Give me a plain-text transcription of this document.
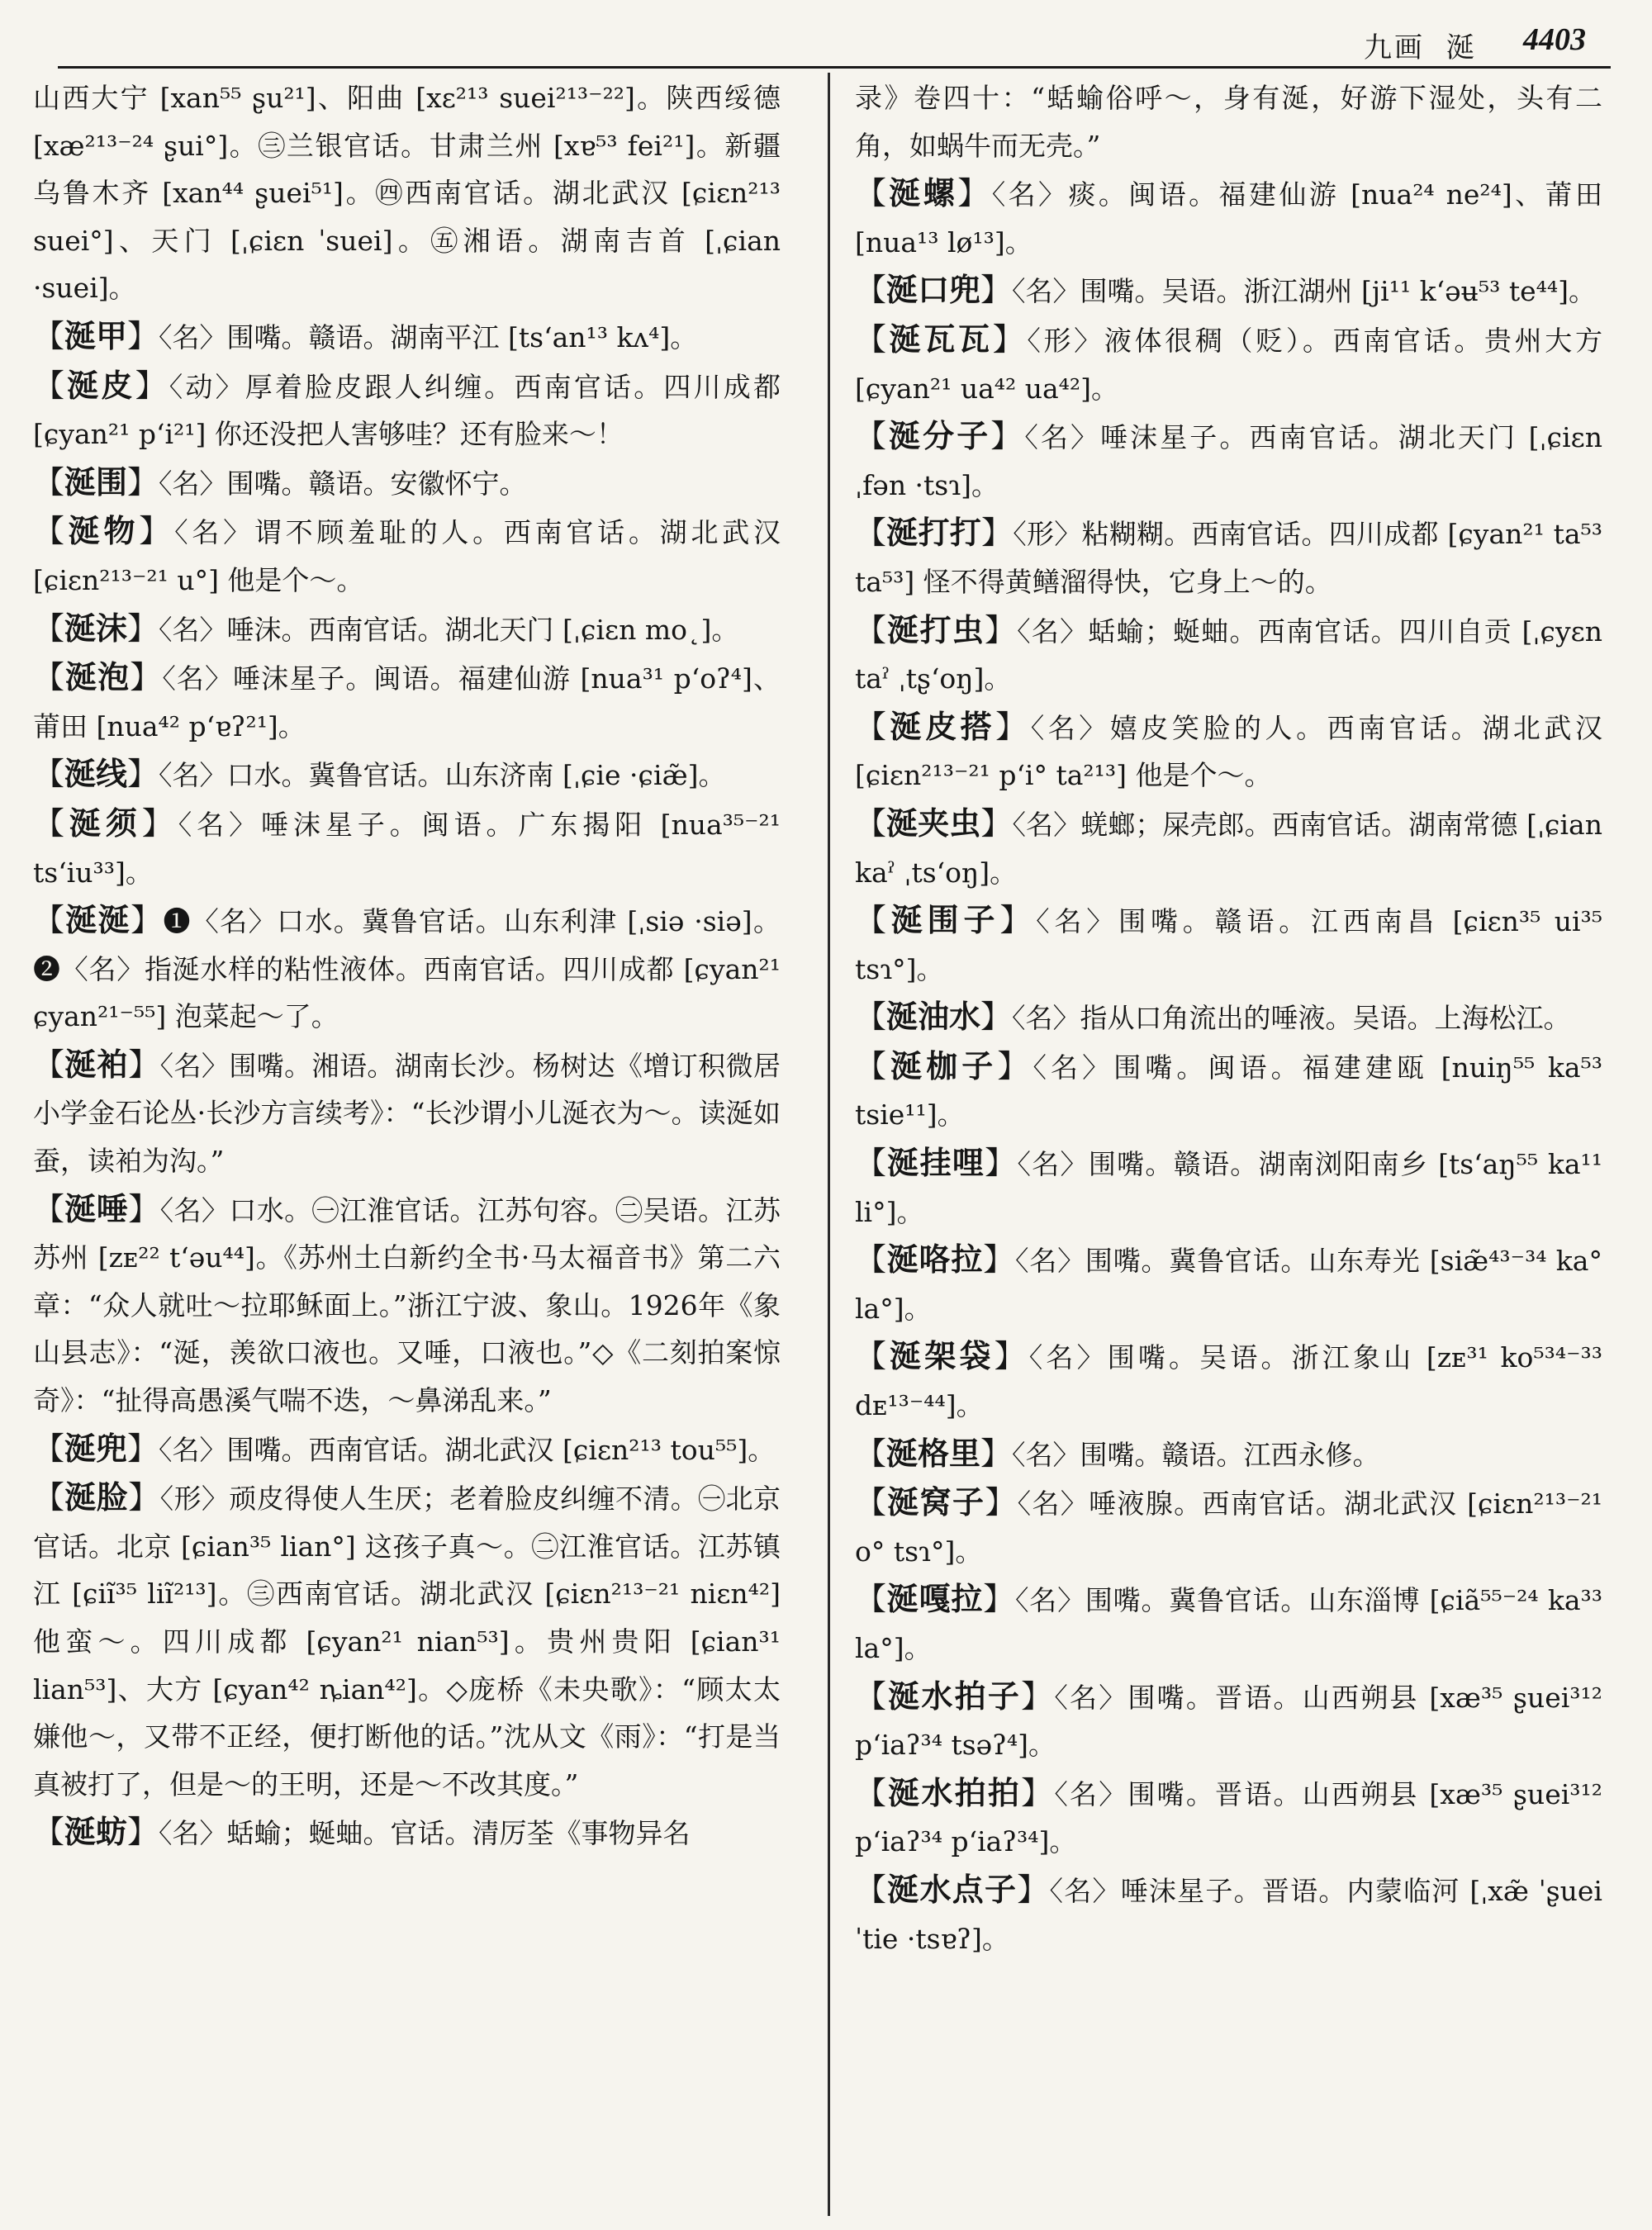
九画 涎 4403
山西大宁 [xan⁵⁵ ʂu²¹]、阳曲 [xɛ²¹³ suei²¹³⁻²²]。陕西绥德 [xæ²¹³⁻²⁴ ʂui°]。㊂兰银官话。甘肃兰州 [xɐ⁵³ fei²¹]。新疆乌鲁木齐 [xan⁴⁴ ʂuei⁵¹]。㊃西南官话。湖北武汉 [ɕiɛn²¹³ suei°]、天门 [ˌɕiɛn ˈsuei]。㊄湘语。湖南吉首 [ˌɕian ·suei]。
【涎甲】〈名〉围嘴。赣语。湖南平江 [tsʻan¹³ kʌ⁴]。
【涎皮】〈动〉厚着脸皮跟人纠缠。西南官话。四川成都 [ɕyan²¹ pʻi²¹] 你还没把人害够哇？还有脸来～！
【涎围】〈名〉围嘴。赣语。安徽怀宁。
【涎物】〈名〉谓不顾羞耻的人。西南官话。湖北武汉 [ɕiɛn²¹³⁻²¹ u°] 他是个～。
【涎沫】〈名〉唾沫。西南官话。湖北天门 [ˌɕiɛn mo˛]。
【涎泡】〈名〉唾沫星子。闽语。福建仙游 [nua³¹ pʻoʔ⁴]、莆田 [nua⁴² pʻɐʔ²¹]。
【涎线】〈名〉口水。冀鲁官话。山东济南 [ˌɕie ·ɕiæ̃]。
【涎须】〈名〉唾沫星子。闽语。广东揭阳 [nua³⁵⁻²¹ tsʻiu³³]。
【涎涎】❶〈名〉口水。冀鲁官话。山东利津 [ˌsiə ·siə]。❷〈名〉指涎水样的粘性液体。西南官话。四川成都 [ɕyan²¹ ɕyan²¹⁻⁵⁵] 泡菜起～了。
【涎袙】〈名〉围嘴。湘语。湖南长沙。杨树达《增订积微居小学金石论丛·长沙方言续考》：“长沙谓小儿涎衣为～。读涎如蚕，读袙为沟。”
【涎唾】〈名〉口水。㊀江淮官话。江苏句容。㊁吴语。江苏苏州 [zᴇ²² tʻəu⁴⁴]。《苏州土白新约全书·马太福音书》第二六章：“众人就吐～拉耶稣面上。”浙江宁波、象山。1926年《象山县志》：“涎，羡欲口液也。又唾，口液也。”◇《二刻拍案惊奇》：“扯得高愚溪气喘不迭，～鼻涕乱来。”
【涎兜】〈名〉围嘴。西南官话。湖北武汉 [ɕiɛn²¹³ tou⁵⁵]。
【涎脸】〈形〉顽皮得使人生厌；老着脸皮纠缠不清。㊀北京官话。北京 [ɕian³⁵ lian°] 这孩子真～。㊁江淮官话。江苏镇江 [ɕiĩ³⁵ liĩ²¹³]。㊂西南官话。湖北武汉 [ɕiɛn²¹³⁻²¹ niɛn⁴²] 他蛮～。四川成都 [ɕyan²¹ nian⁵³]。贵州贵阳 [ɕian³¹ lian⁵³]、大方 [ɕyan⁴² ȵian⁴²]。◇庞桥《未央歌》：“顾太太嫌他～，又带不正经，便打断他的话。”沈从文《雨》：“打是当真被打了，但是～的王明，还是～不改其度。”
【涎蚄】〈名〉蛞蝓；蜒蚰。官话。清厉荃《事物异名
录》卷四十：“蛞蝓俗呼～，身有涎，好游下湿处，头有二角，如蜗牛而无壳。”
【涎螺】〈名〉痰。闽语。福建仙游 [nua²⁴ ne²⁴]、莆田 [nua¹³ lø¹³]。
【涎口兜】〈名〉围嘴。吴语。浙江湖州 [ji¹¹ kʻəʉ⁵³ te⁴⁴]。
【涎瓦瓦】〈形〉液体很稠（贬）。西南官话。贵州大方 [ɕyan²¹ ua⁴² ua⁴²]。
【涎分子】〈名〉唾沫星子。西南官话。湖北天门 [ˌɕiɛn ˌfən ·tsɿ]。
【涎打打】〈形〉粘糊糊。西南官话。四川成都 [ɕyan²¹ ta⁵³ ta⁵³] 怪不得黄鳝溜得快，它身上～的。
【涎打虫】〈名〉蛞蝓；蜒蚰。西南官话。四川自贡 [ˌɕyɛn taˀ ˌtʂʻoŋ]。
【涎皮搭】〈名〉嬉皮笑脸的人。西南官话。湖北武汉 [ɕiɛn²¹³⁻²¹ pʻi° ta²¹³] 他是个～。
【涎夹虫】〈名〉蜣螂；屎壳郎。西南官话。湖南常德 [ˌɕian kaˀ ˌtsʻoŋ]。
【涎围子】〈名〉围嘴。赣语。江西南昌 [ɕiɛn³⁵ ui³⁵ tsɿ°]。
【涎油水】〈名〉指从口角流出的唾液。吴语。上海松江。
【涎枷子】〈名〉围嘴。闽语。福建建瓯 [nuiŋ⁵⁵ ka⁵³ tsie¹¹]。
【涎挂哩】〈名〉围嘴。赣语。湖南浏阳南乡 [tsʻaŋ⁵⁵ ka¹¹ li°]。
【涎咯拉】〈名〉围嘴。冀鲁官话。山东寿光 [siæ̃⁴³⁻³⁴ ka° la°]。
【涎架袋】〈名〉围嘴。吴语。浙江象山 [zᴇ³¹ ko⁵³⁴⁻³³ dᴇ¹³⁻⁴⁴]。
【涎格里】〈名〉围嘴。赣语。江西永修。
【涎窝子】〈名〉唾液腺。西南官话。湖北武汉 [ɕiɛn²¹³⁻²¹ o° tsɿ°]。
【涎嘎拉】〈名〉围嘴。冀鲁官话。山东淄博 [ɕiã⁵⁵⁻²⁴ ka³³ la°]。
【涎水拍子】〈名〉围嘴。晋语。山西朔县 [xæ³⁵ ʂuei³¹² pʻiaʔ³⁴ tsəʔ⁴]。
【涎水拍拍】〈名〉围嘴。晋语。山西朔县 [xæ³⁵ ʂuei³¹² pʻiaʔ³⁴ pʻiaʔ³⁴]。
【涎水点子】〈名〉唾沫星子。晋语。内蒙临河 [ˌxæ̃ ˈʂuei ˈtie ·tsɐʔ]。
